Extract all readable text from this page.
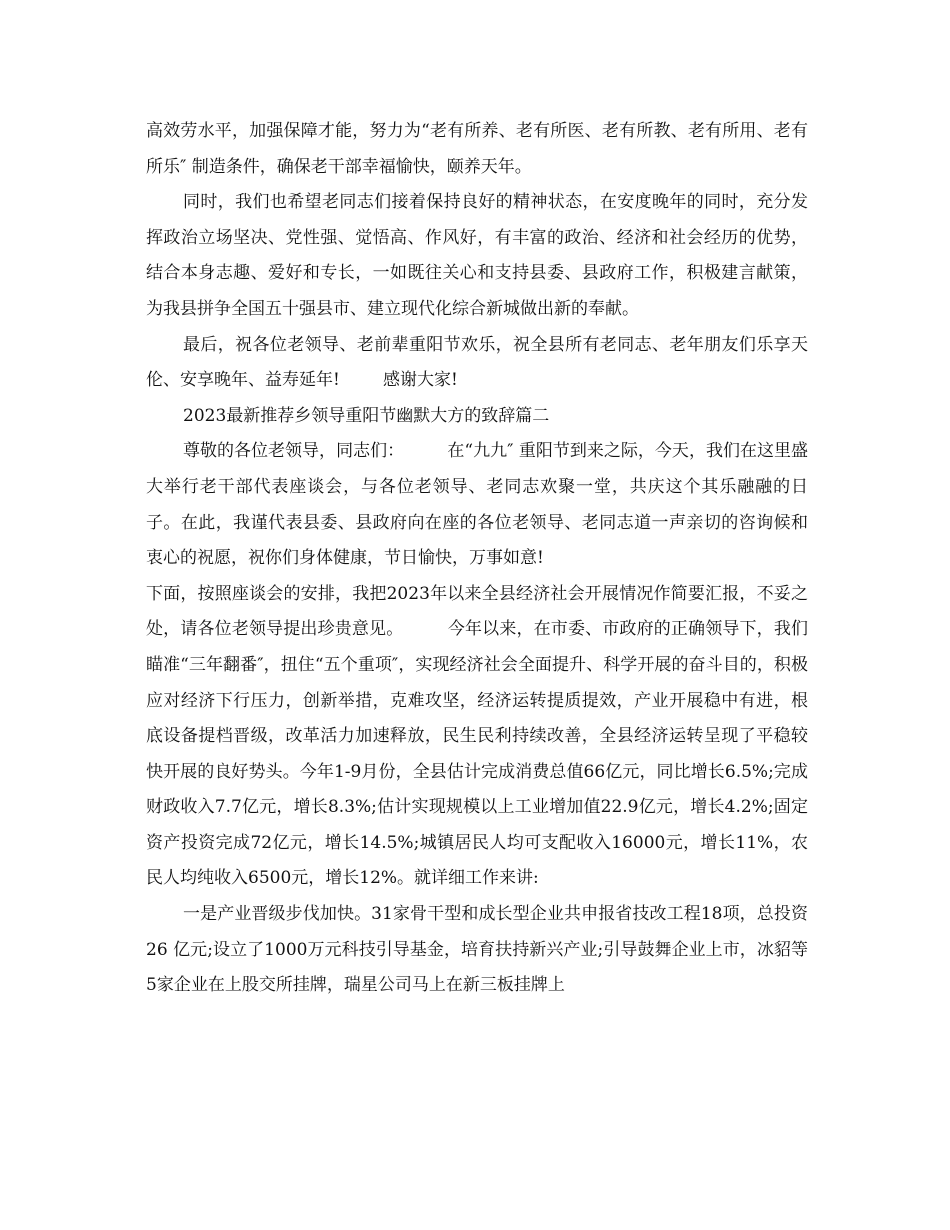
高效劳水平，加强保障才能，努力为“老有所养、老有所医、老有所教、老有所用、老有所乐″ 制造条件，确保老干部幸福愉快，颐养天年。

同时，我们也希望老同志们接着保持良好的精神状态，在安度晚年的同时，充分发挥政治立场坚决、党性强、觉悟高、作风好，有丰富的政治、经济和社会经历的优势，结合本身志趣、爱好和专长，一如既往关心和支持县委、县政府工作，积极建言献策，为我县拼争全国五十强县市、建立现代化综合新城做出新的奉献。

最后，祝各位老领导、老前辈重阳节欢乐，祝全县所有老同志、老年朋友们乐享天伦、安享晚年、益寿延年!        感谢大家!

2023最新推荐乡领导重阳节幽默大方的致辞篇二

尊敬的各位老领导，同志们：        在“九九″ 重阳节到来之际，今天，我们在这里盛大举行老干部代表座谈会，与各位老领导、老同志欢聚一堂，共庆这个其乐融融的日子。在此，我谨代表县委、县政府向在座的各位老领导、老同志道一声亲切的咨询候和衷心的祝愿，祝你们身体健康，节日愉快，万事如意!

下面，按照座谈会的安排，我把2023年以来全县经济社会开展情况作简要汇报，不妥之处，请各位老领导提出珍贵意见。        今年以来，在市委、市政府的正确领导下，我们瞄准“三年翻番″，扭住“五个重项″，实现经济社会全面提升、科学开展的奋斗目的，积极应对经济下行压力，创新举措，克难攻坚，经济运转提质提效，产业开展稳中有进，根底设备提档晋级，改革活力加速释放，民生民利持续改善，全县经济运转呈现了平稳较快开展的良好势头。今年1-9月份，全县估计完成消费总值66亿元，同比增长6.5%;完成财政收入7.7亿元，增长8.3%;估计实现规模以上工业增加值22.9亿元，增长4.2%;固定资产投资完成72亿元，增长14.5%;城镇居民人均可支配收入16000元，增长11%，农民人均纯收入6500元，增长12%。就详细工作来讲:

一是产业晋级步伐加快。31家骨干型和成长型企业共申报省技改工程18项，总投资26 亿元;设立了1000万元科技引导基金，培育扶持新兴产业;引导鼓舞企业上市，冰貂等5家企业在上股交所挂牌，瑞星公司马上在新三板挂牌上
